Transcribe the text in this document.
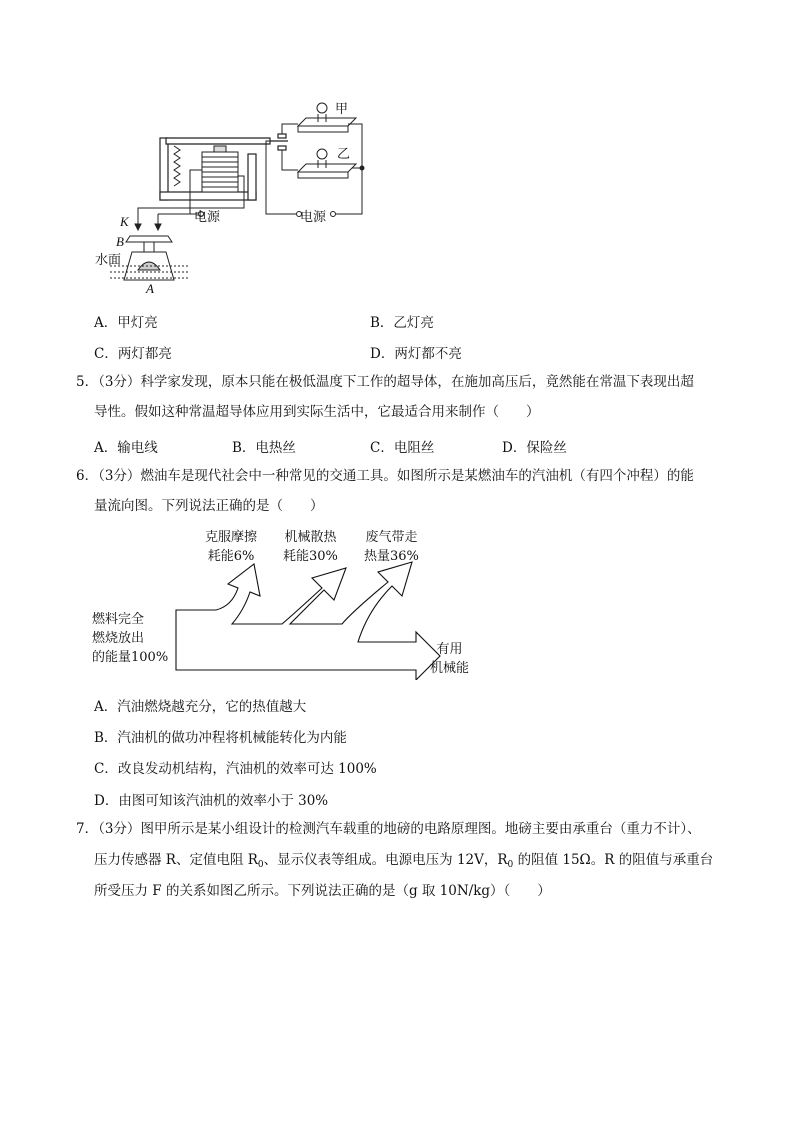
甲
乙
电源	电源
K
B
水面
A
A．甲灯亮	B．乙灯亮
C．两灯都亮	D．两灯都不亮
5．（3分）科学家发现，原本只能在极低温度下工作的超导体，在施加高压后，竟然能在常温下表现出超
导性。假如这种常温超导体应用到实际生活中，它最适合用来制作（　　）
A．输电线	B．电热丝	C．电阻丝	D．保险丝
6．（3分）燃油车是现代社会中一种常见的交通工具。如图所示是某燃油车的汽油机（有四个冲程）的能
量流向图。下列说法正确的是（　　）
燃料完全
燃烧放出
的能量100%
克服摩擦
耗能6%
机械散热
耗能30%
废气带走
热量36%
有用
机械能
A．汽油燃烧越充分，它的热值越大
B．汽油机的做功冲程将机械能转化为内能
C．改良发动机结构，汽油机的效率可达 100%
D．由图可知该汽油机的效率小于 30%
7．（3分）图甲所示是某小组设计的检测汽车载重的地磅的电路原理图。地磅主要由承重台（重力不计）、
压力传感器 R、定值电阻 $R_0$、显示仪表等组成。电源电压为 12V，$R_0$ 的阻值 15Ω。R 的阻值与承重台
所受压力 F 的关系如图乙所示。下列说法正确的是（g 取 10N/kg）（　　）
